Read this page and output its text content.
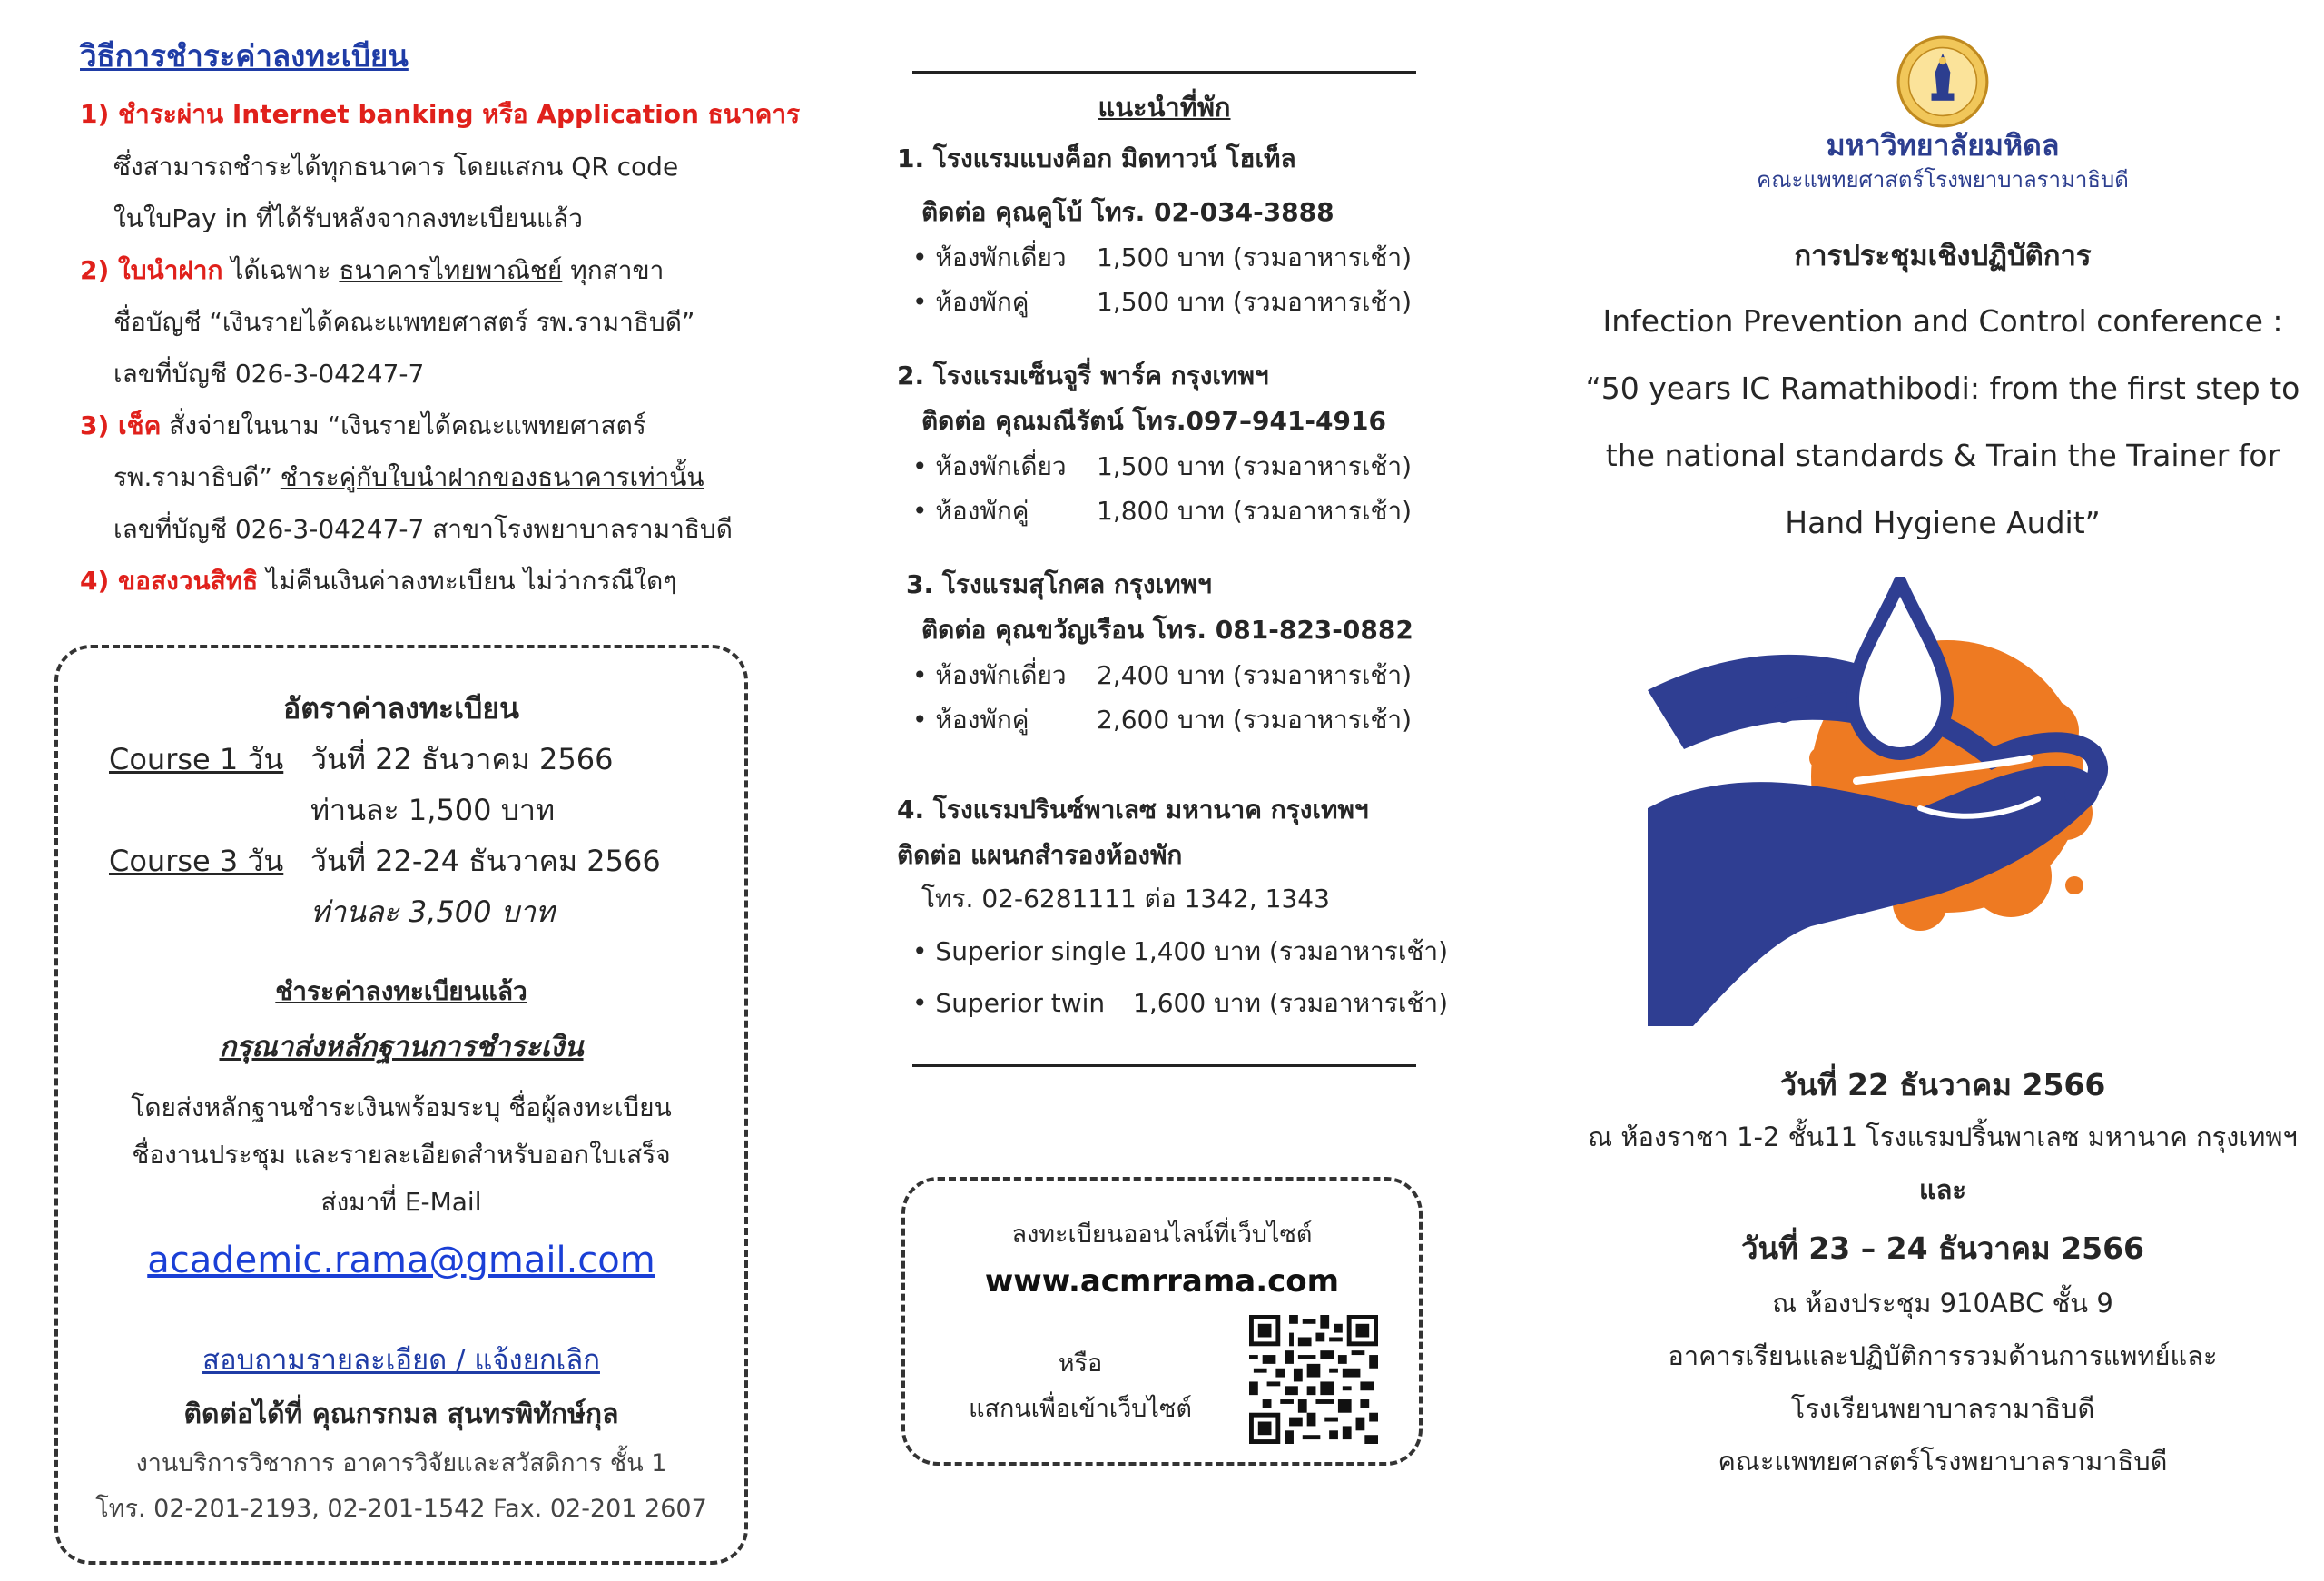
วิธีการชำระค่าลงทะเบียน
1) ชำระผ่าน Internet banking หรือ Application ธนาคาร
ซึ่งสามารถชำระได้ทุกธนาคาร โดยแสกน QR code
ในใบPay in ที่ได้รับหลังจากลงทะเบียนแล้ว
2) ใบนำฝาก ได้เฉพาะ ธนาคารไทยพาณิชย์ ทุกสาขา
ชื่อบัญชี “เงินรายได้คณะแพทยศาสตร์ รพ.รามาธิบดี”
เลขที่บัญชี 026-3-04247-7
3) เช็ค สั่งจ่ายในนาม “เงินรายได้คณะแพทยศาสตร์
รพ.รามาธิบดี” ชำระคู่กับใบนำฝากของธนาคารเท่านั้น
เลขที่บัญชี 026-3-04247-7 สาขาโรงพยาบาลรามาธิบดี
4) ขอสงวนสิทธิ ไม่คืนเงินค่าลงทะเบียน ไม่ว่ากรณีใดๆ
อัตราค่าลงทะเบียน
Course 1 วัน วันที่ 22 ธันวาคม 2566
ท่านละ 1,500 บาท
Course 3 วัน วันที่ 22-24 ธันวาคม 2566
ท่านละ 3,500 บาท
ชำระค่าลงทะเบียนแล้ว
กรุณาส่งหลักฐานการชำระเงิน
โดยส่งหลักฐานชำระเงินพร้อมระบุ ชื่อผู้ลงทะเบียน
ชื่องานประชุม และรายละเอียดสำหรับออกใบเสร็จ
ส่งมาที่ E-Mail
academic.rama@gmail.com
สอบถามรายละเอียด / แจ้งยกเลิก
ติดต่อได้ที่ คุณกรกมล สุนทรพิทักษ์กุล
งานบริการวิชาการ อาคารวิจัยและสวัสดิการ ชั้น 1
โทร. 02-201-2193, 02-201-1542 Fax. 02-201 2607
แนะนำที่พัก
1. โรงแรมแบงค็อก มิดทาวน์ โฮเท็ล
ติดต่อ คุณคูโบ้ โทร. 02-034-3888
• ห้องพักเดี่ยว 1,500 บาท (รวมอาหารเช้า)
• ห้องพักคู่	1,500 บาท (รวมอาหารเช้า)
2. โรงแรมเซ็นจูรี่ พาร์ค กรุงเทพฯ
ติดต่อ คุณมณีรัตน์ โทร.097–941-4916
• ห้องพักเดี่ยว 1,500 บาท (รวมอาหารเช้า)
• ห้องพักคู่	1,800 บาท (รวมอาหารเช้า)
3. โรงแรมสุโกศล กรุงเทพฯ
ติดต่อ คุณขวัญเรือน โทร. 081-823-0882
• ห้องพักเดี่ยว 2,400 บาท (รวมอาหารเช้า)
• ห้องพักคู่	2,600 บาท (รวมอาหารเช้า)
4. โรงแรมปรินซ์พาเลซ มหานาค กรุงเทพฯ
ติดต่อ แผนกสำรองห้องพัก
โทร. 02-6281111 ต่อ 1342, 1343
• Superior single 1,400 บาท (รวมอาหารเช้า)
• Superior twin 1,600 บาท (รวมอาหารเช้า)
ลงทะเบียนออนไลน์ที่เว็บไซต์
www.acmrrama.com
หรือ
แสกนเพื่อเข้าเว็บไซต์
มหาวิทยาลัยมหิดล
คณะแพทยศาสตร์โรงพยาบาลรามาธิบดี
การประชุมเชิงปฏิบัติการ
Infection Prevention and Control conference :
“50 years IC Ramathibodi: from the first step to
the national standards & Train the Trainer for
Hand Hygiene Audit”
วันที่ 22 ธันวาคม 2566
ณ ห้องราชา 1-2 ชั้น11 โรงแรมปริ้นพาเลซ มหานาค กรุงเทพฯ
และ
วันที่ 23 – 24 ธันวาคม 2566
ณ ห้องประชุม 910ABC ชั้น 9
อาคารเรียนและปฏิบัติการรวมด้านการแพทย์และ
โรงเรียนพยาบาลรามาธิบดี
คณะแพทยศาสตร์โรงพยาบาลรามาธิบดี
